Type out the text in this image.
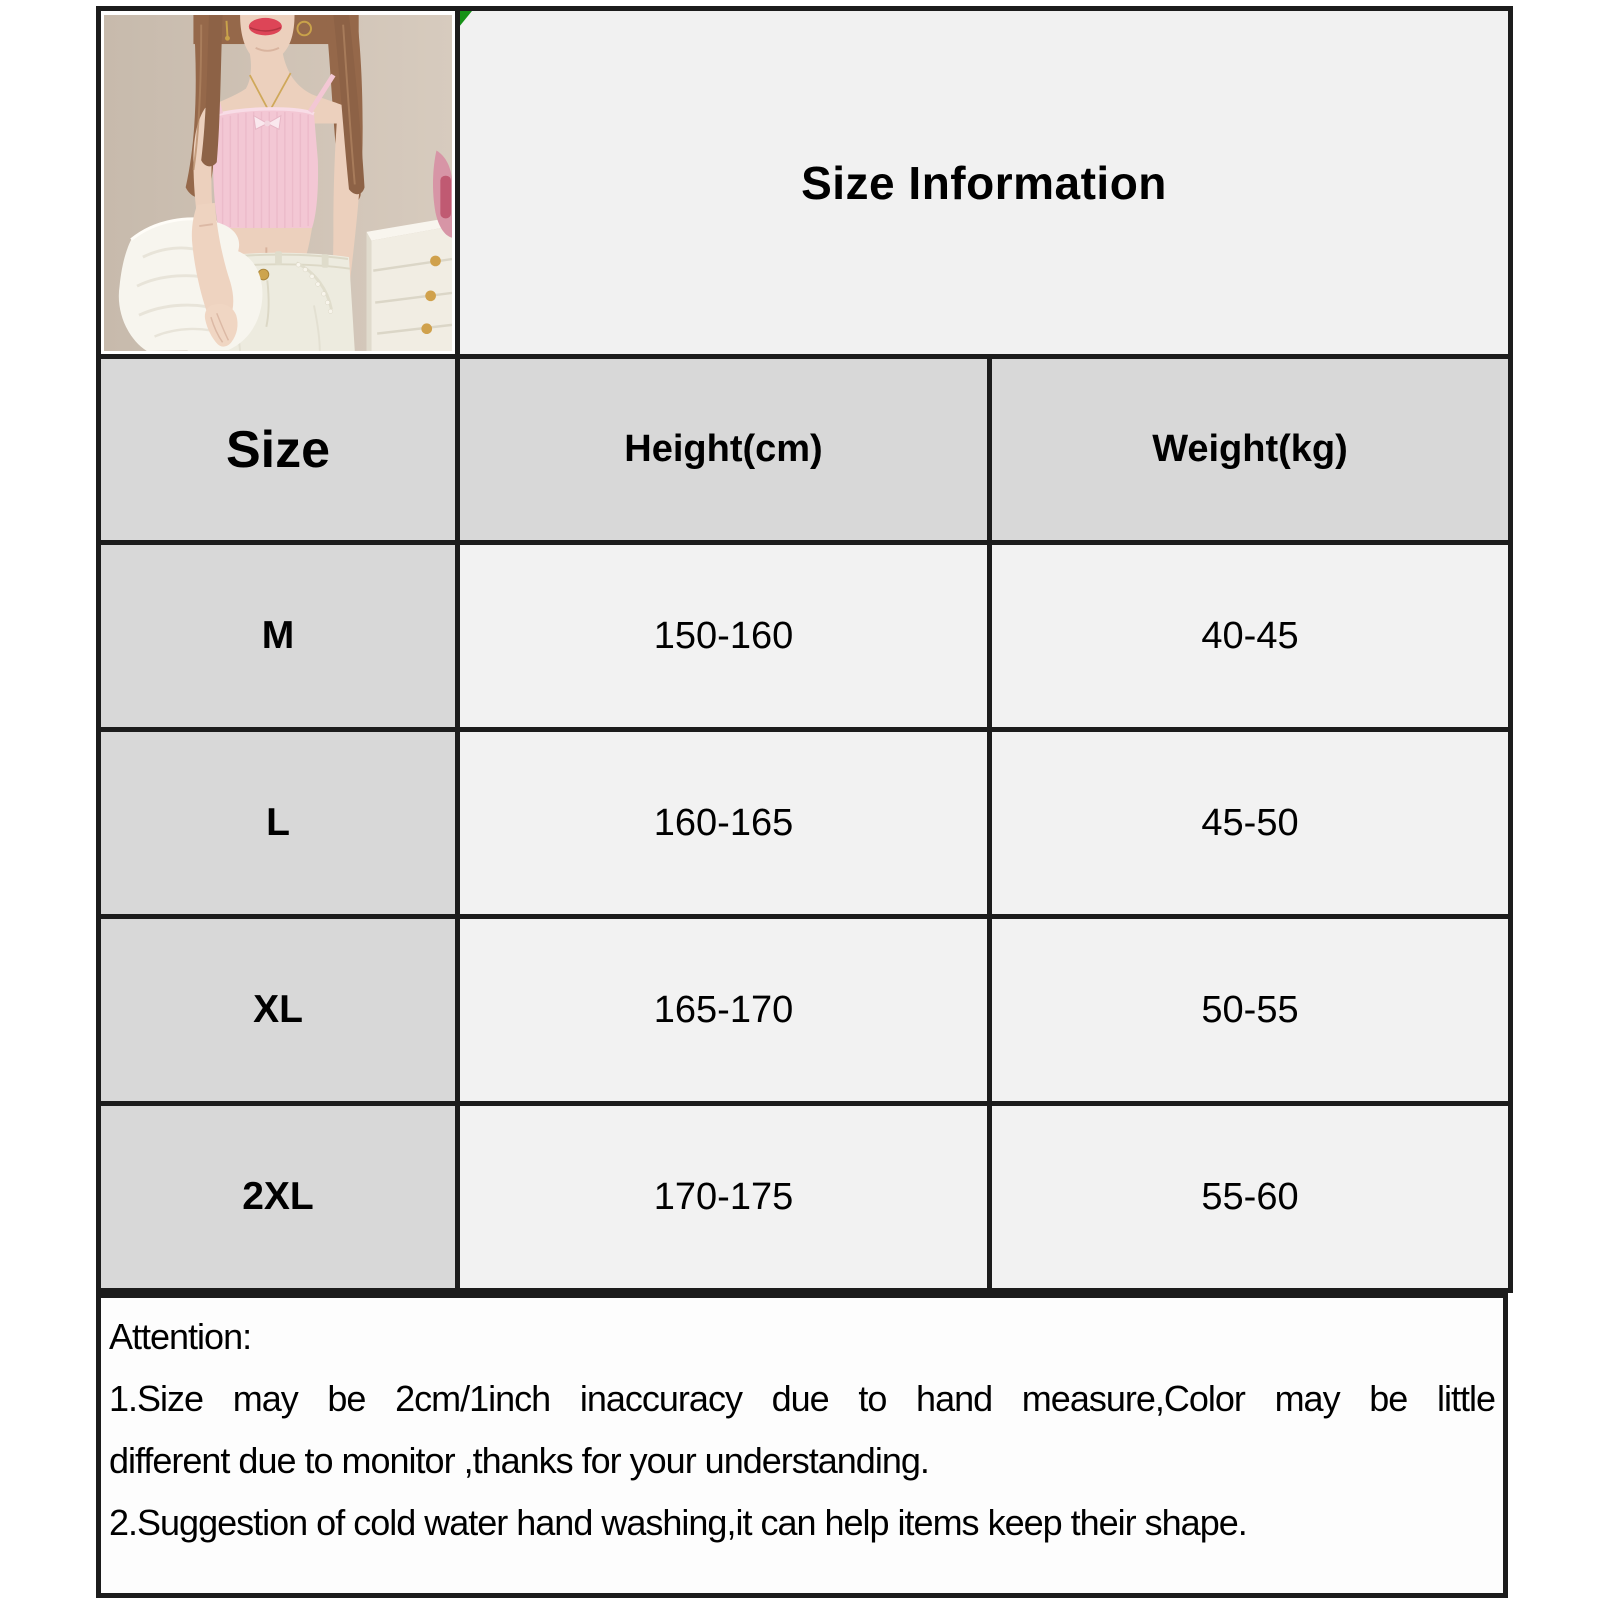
Size Information	
Size	Height(cm)	Weight(kg)
M	150-160	40-45
L	160-165	45-50
XL	165-170	50-55
2XL	170-175	55-60
Attention:
1.Size may be 2cm/1inch inaccuracy due to hand measure,Color may be little
different due to monitor ,thanks for your understanding.
2.Suggestion of cold water hand washing,it can help items keep their shape.
